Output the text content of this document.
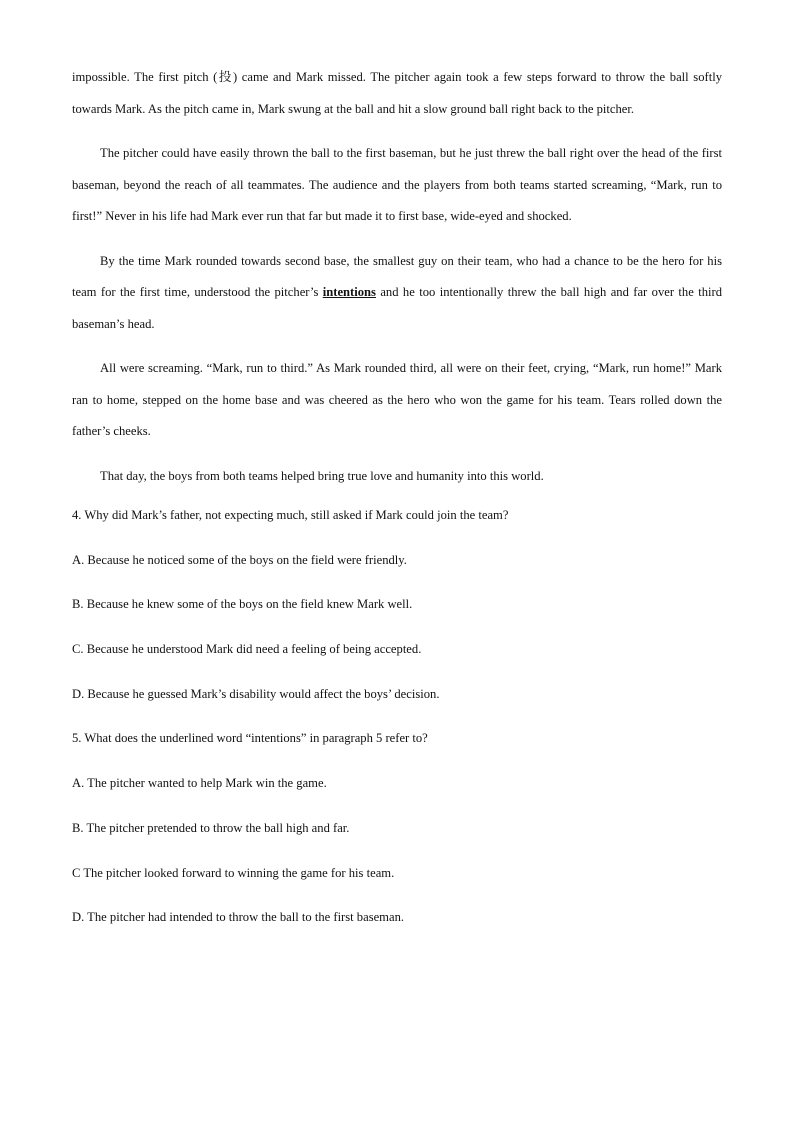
impossible. The first pitch (投) came and Mark missed. The pitcher again took a few steps forward to throw the ball softly towards Mark. As the pitch came in, Mark swung at the ball and hit a slow ground ball right back to the pitcher.

The pitcher could have easily thrown the ball to the first baseman, but he just threw the ball right over the head of the first baseman, beyond the reach of all teammates. The audience and the players from both teams started screaming, “Mark, run to first!” Never in his life had Mark ever run that far but made it to first base, wide-eyed and shocked.

By the time Mark rounded towards second base, the smallest guy on their team, who had a chance to be the hero for his team for the first time, understood the pitcher’s intentions and he too intentionally threw the ball high and far over the third baseman’s head.

All were screaming. “Mark, run to third.” As Mark rounded third, all were on their feet, crying, “Mark, run home!” Mark ran to home, stepped on the home base and was cheered as the hero who won the game for his team. Tears rolled down the father’s cheeks.

That day, the boys from both teams helped bring true love and humanity into this world.

4. Why did Mark’s father, not expecting much, still asked if Mark could join the team?

A. Because he noticed some of the boys on the field were friendly.

B. Because he knew some of the boys on the field knew Mark well.

C. Because he understood Mark did need a feeling of being accepted.

D. Because he guessed Mark’s disability would affect the boys’ decision.

5. What does the underlined word “intentions” in paragraph 5 refer to?

A. The pitcher wanted to help Mark win the game.

B. The pitcher pretended to throw the ball high and far.

C The pitcher looked forward to winning the game for his team.

D. The pitcher had intended to throw the ball to the first baseman.
